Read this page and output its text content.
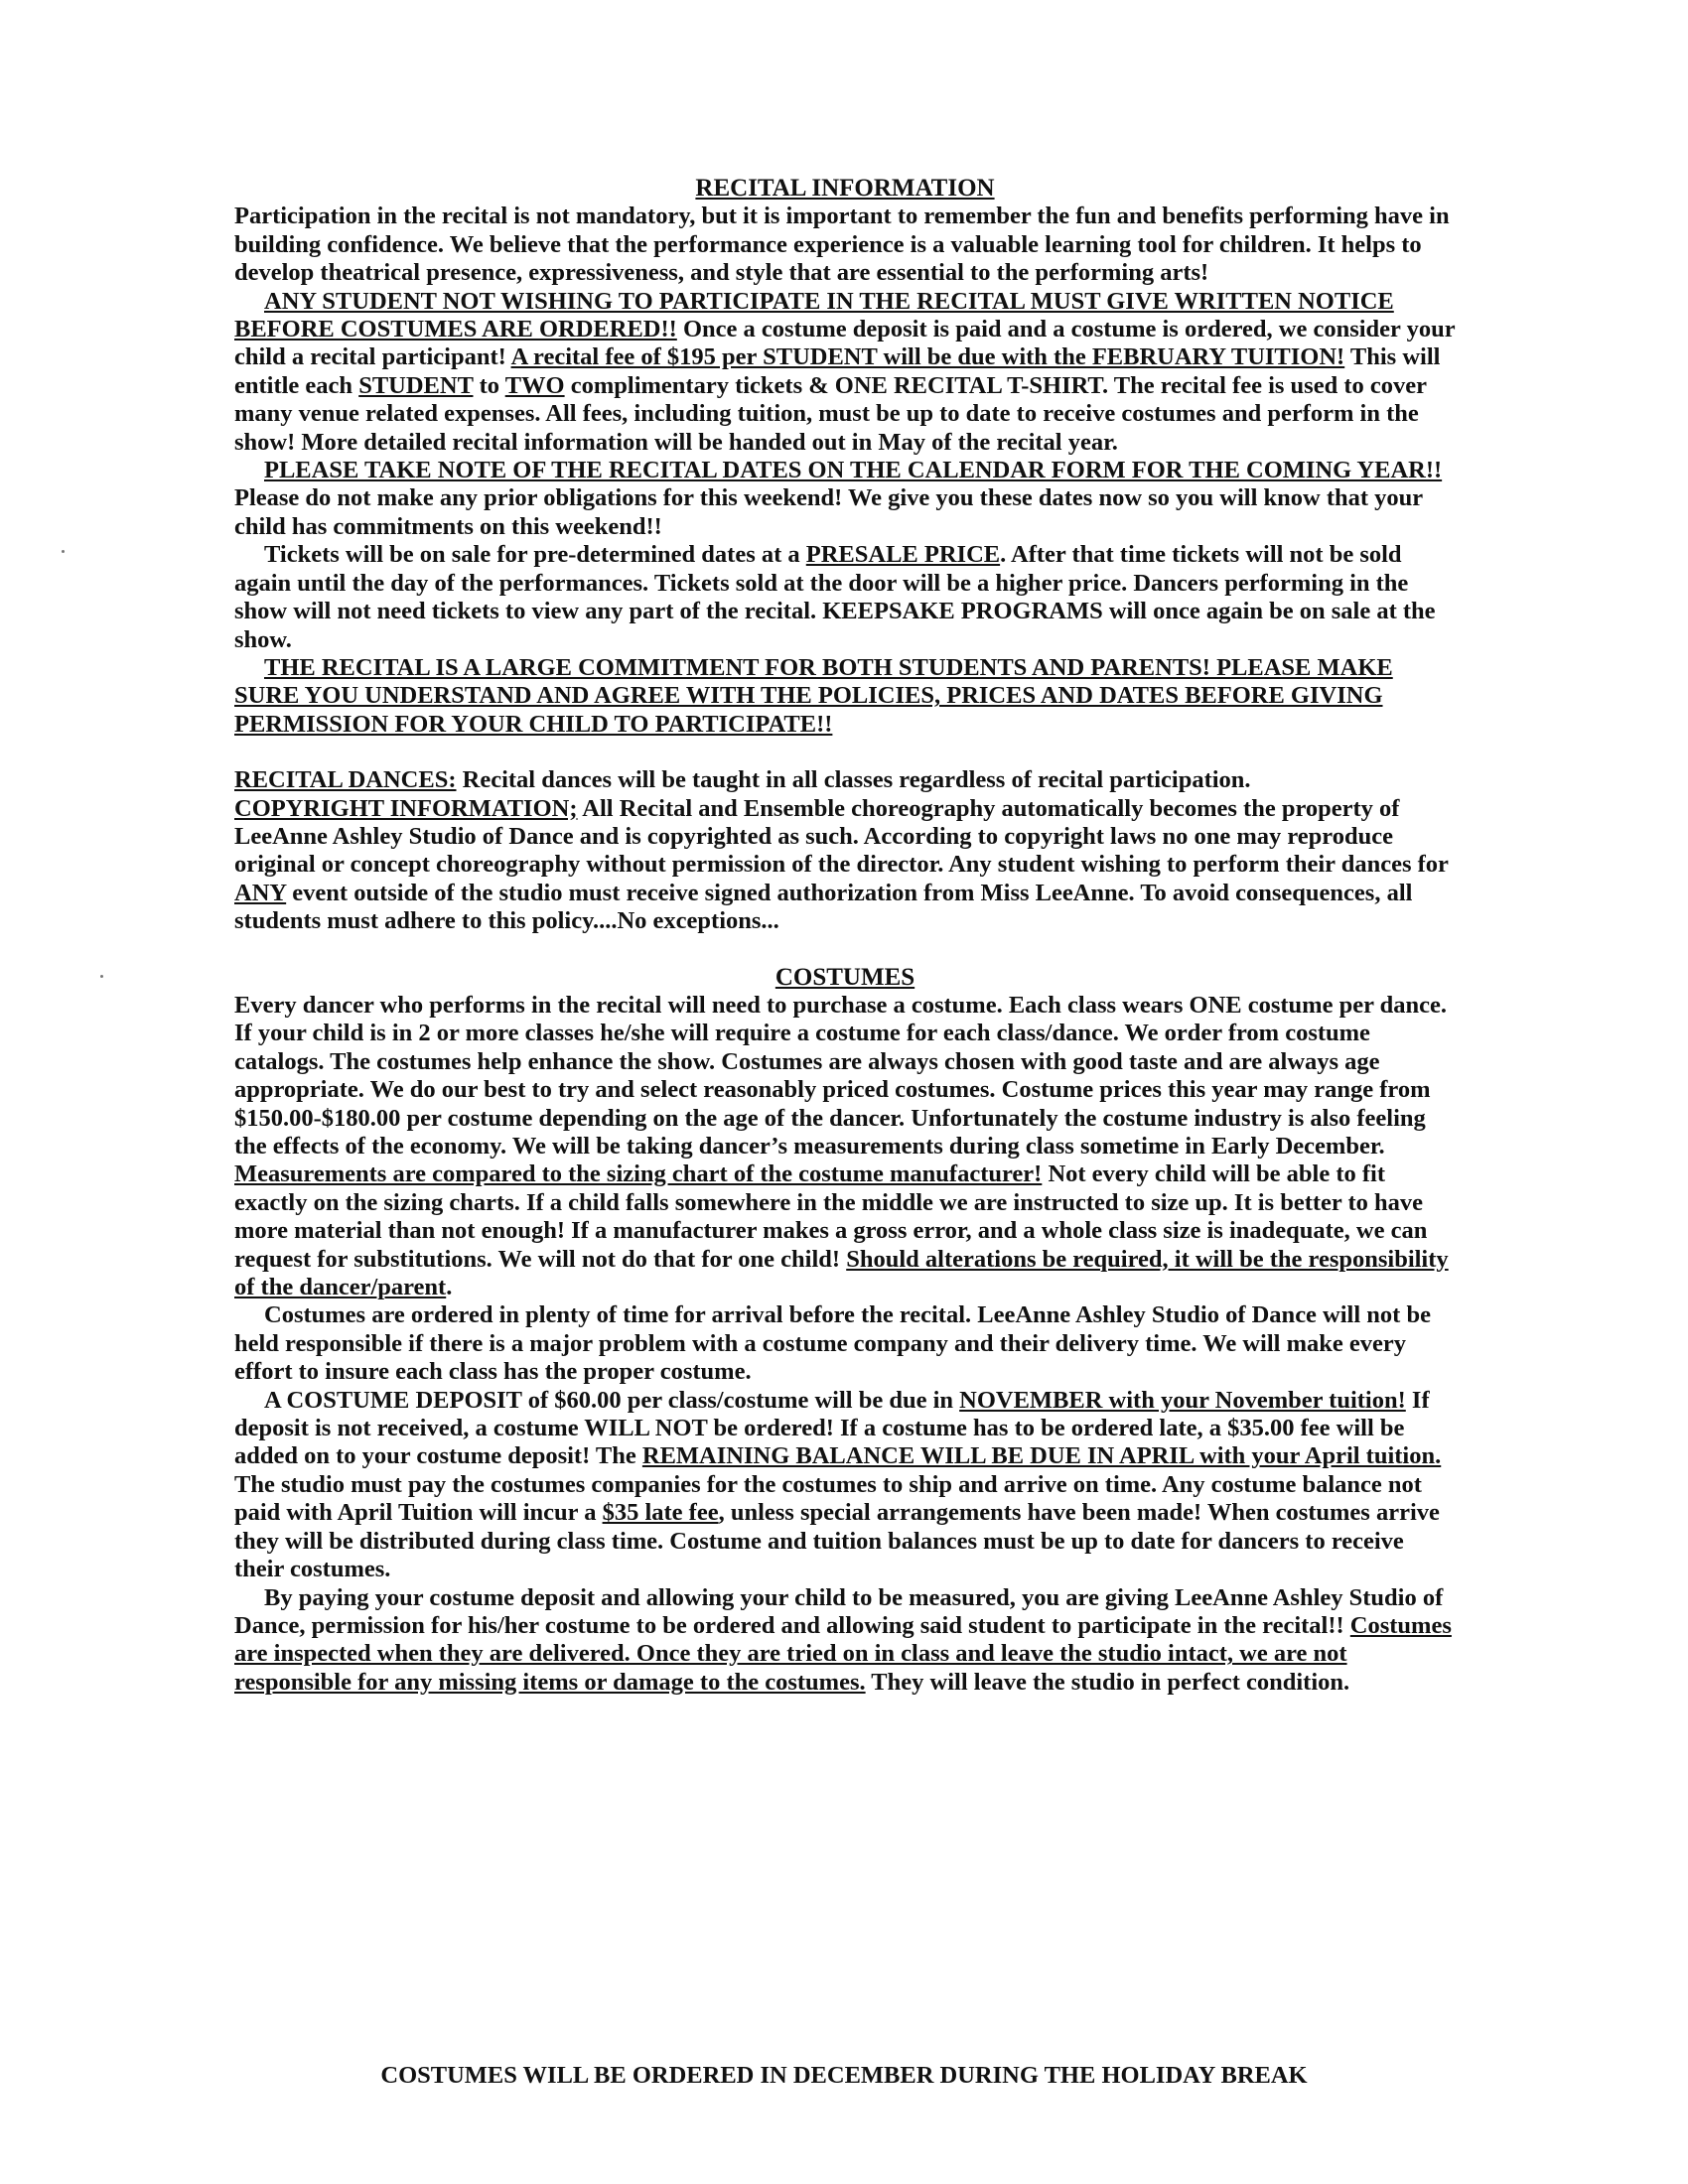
RECITAL INFORMATION

Participation in the recital is not mandatory, but it is important to remember the fun and benefits performing have in building confidence. We believe that the performance experience is a valuable learning tool for children. It helps to develop theatrical presence, expressiveness, and style that are essential to the performing arts!

ANY STUDENT NOT WISHING TO PARTICIPATE IN THE RECITAL MUST GIVE WRITTEN NOTICE BEFORE COSTUMES ARE ORDERED!! Once a costume deposit is paid and a costume is ordered, we consider your child a recital participant! A recital fee of $195 per STUDENT will be due with the FEBRUARY TUITION! This will entitle each STUDENT to TWO complimentary tickets & ONE RECITAL T-SHIRT. The recital fee is used to cover many venue related expenses. All fees, including tuition, must be up to date to receive costumes and perform in the show! More detailed recital information will be handed out in May of the recital year.

PLEASE TAKE NOTE OF THE RECITAL DATES ON THE CALENDAR FORM FOR THE COMING YEAR!! Please do not make any prior obligations for this weekend! We give you these dates now so you will know that your child has commitments on this weekend!!

Tickets will be on sale for pre-determined dates at a PRESALE PRICE. After that time tickets will not be sold again until the day of the performances. Tickets sold at the door will be a higher price. Dancers performing in the show will not need tickets to view any part of the recital. KEEPSAKE PROGRAMS will once again be on sale at the show.

THE RECITAL IS A LARGE COMMITMENT FOR BOTH STUDENTS AND PARENTS! PLEASE MAKE SURE YOU UNDERSTAND AND AGREE WITH THE POLICIES, PRICES AND DATES BEFORE GIVING PERMISSION FOR YOUR CHILD TO PARTICIPATE!!

RECITAL DANCES: Recital dances will be taught in all classes regardless of recital participation.

COPYRIGHT INFORMATION; All Recital and Ensemble choreography automatically becomes the property of LeeAnne Ashley Studio of Dance and is copyrighted as such. According to copyright laws no one may reproduce original or concept choreography without permission of the director. Any student wishing to perform their dances for ANY event outside of the studio must receive signed authorization from Miss LeeAnne. To avoid consequences, all students must adhere to this policy....No exceptions...

COSTUMES

Every dancer who performs in the recital will need to purchase a costume. Each class wears ONE costume per dance. If your child is in 2 or more classes he/she will require a costume for each class/dance. We order from costume catalogs. The costumes help enhance the show. Costumes are always chosen with good taste and are always age appropriate. We do our best to try and select reasonably priced costumes. Costume prices this year may range from $150.00-$180.00 per costume depending on the age of the dancer. Unfortunately the costume industry is also feeling the effects of the economy. We will be taking dancer’s measurements during class sometime in Early December. Measurements are compared to the sizing chart of the costume manufacturer! Not every child will be able to fit exactly on the sizing charts. If a child falls somewhere in the middle we are instructed to size up. It is better to have more material than not enough! If a manufacturer makes a gross error, and a whole class size is inadequate, we can request for substitutions. We will not do that for one child! Should alterations be required, it will be the responsibility of the dancer/parent.

Costumes are ordered in plenty of time for arrival before the recital. LeeAnne Ashley Studio of Dance will not be held responsible if there is a major problem with a costume company and their delivery time. We will make every effort to insure each class has the proper costume.

A COSTUME DEPOSIT of $60.00 per class/costume will be due in NOVEMBER with your November tuition! If deposit is not received, a costume WILL NOT be ordered! If a costume has to be ordered late, a $35.00 fee will be added on to your costume deposit! The REMAINING BALANCE WILL BE DUE IN APRIL with your April tuition. The studio must pay the costumes companies for the costumes to ship and arrive on time. Any costume balance not paid with April Tuition will incur a $35 late fee, unless special arrangements have been made! When costumes arrive they will be distributed during class time. Costume and tuition balances must be up to date for dancers to receive their costumes.

By paying your costume deposit and allowing your child to be measured, you are giving LeeAnne Ashley Studio of Dance, permission for his/her costume to be ordered and allowing said student to participate in the recital!! Costumes are inspected when they are delivered. Once they are tried on in class and leave the studio intact, we are not responsible for any missing items or damage to the costumes. They will leave the studio in perfect condition.

COSTUMES WILL BE ORDERED IN DECEMBER DURING THE HOLIDAY BREAK
